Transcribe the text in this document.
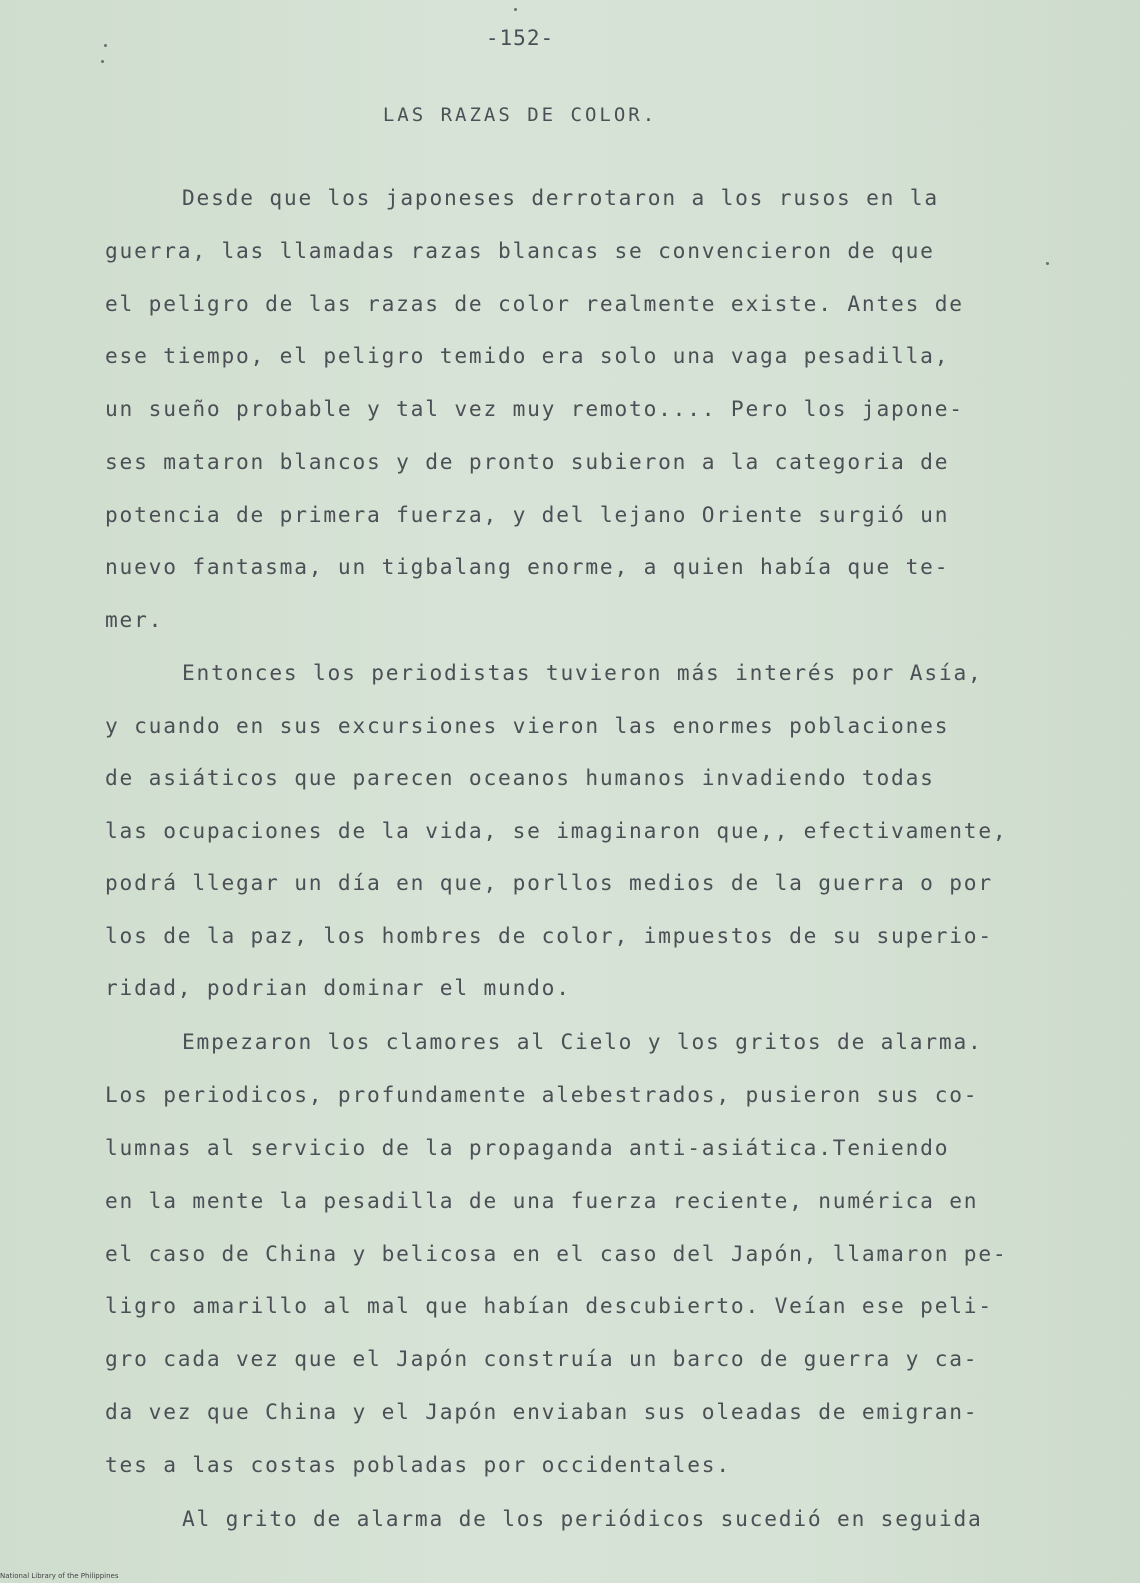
-152-
LAS RAZAS DE COLOR.
Desde que los japoneses derrotaron a los rusos en la
guerra, las llamadas razas blancas se convencieron de que
el peligro de las razas de color realmente existe. Antes de
ese tiempo, el peligro temido era solo una vaga pesadilla,
un sueño probable y tal vez muy remoto.... Pero los japone-
ses mataron blancos y de pronto subieron a la categoria de
potencia de primera fuerza, y del lejano Oriente surgió un
nuevo fantasma, un tigbalang enorme, a quien había que te-
mer.
Entonces los periodistas tuvieron más interés por Asía,
y cuando en sus excursiones vieron las enormes poblaciones
de asiáticos que parecen oceanos humanos invadiendo todas
las ocupaciones de la vida, se imaginaron que,, efectivamente,
podrá llegar un día en que, porllos medios de la guerra o por
los de la paz, los hombres de color, impuestos de su superio-
ridad, podrian dominar el mundo.
Empezaron los clamores al Cielo y los gritos de alarma.
Los periodicos, profundamente alebestrados, pusieron sus co-
lumnas al servicio de la propaganda anti-asiática.Teniendo
en la mente la pesadilla de una fuerza reciente, numérica en
el caso de China y belicosa en el caso del Japón, llamaron pe-
ligro amarillo al mal que habían descubierto. Veían ese peli-
gro cada vez que el Japón construía un barco de guerra y ca-
da vez que China y el Japón enviaban sus oleadas de emigran-
tes a las costas pobladas por occidentales.
Al grito de alarma de los periódicos sucedió en seguida
National Library of the Philippines
